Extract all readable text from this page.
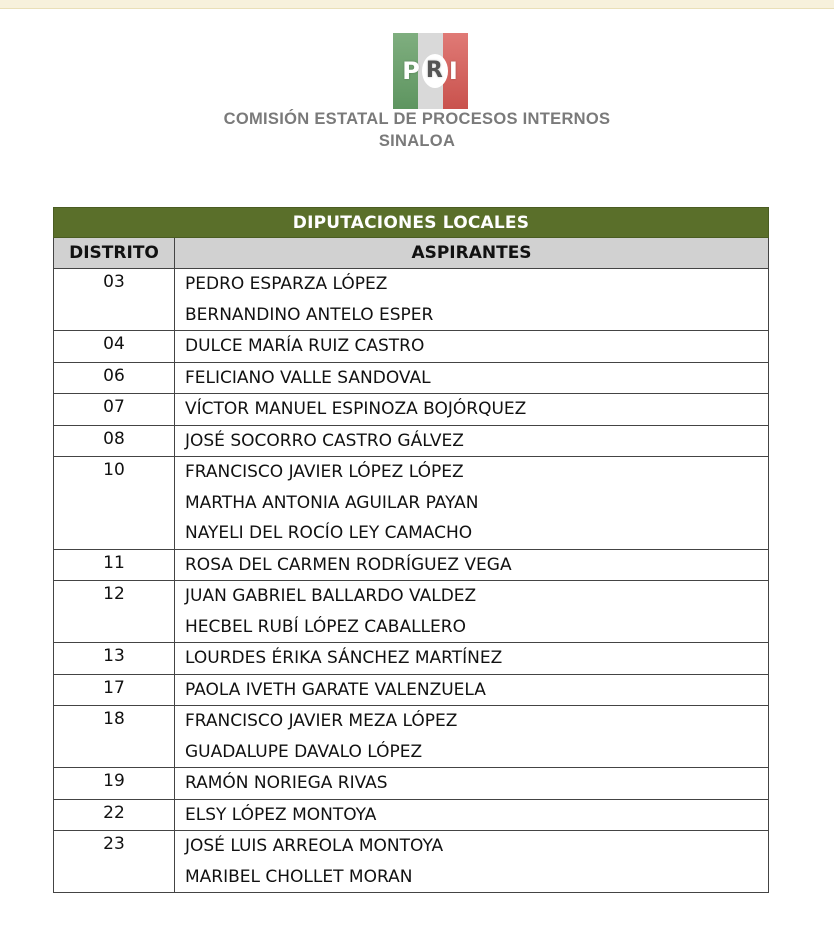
P R I
COMISIÓN ESTATAL DE PROCESOS INTERNOS
SINALOA
DIPUTACIONES LOCALES	
DISTRITO	ASPIRANTES
03	PEDRO ESPARZA LÓPEZ
BERNANDINO ANTELO ESPER

04	DULCE MARÍA RUIZ CASTRO

06	FELICIANO VALLE SANDOVAL

07	VÍCTOR MANUEL ESPINOZA BOJÓRQUEZ

08	JOSÉ SOCORRO CASTRO GÁLVEZ

10	FRANCISCO JAVIER LÓPEZ LÓPEZ
MARTHA ANTONIA AGUILAR PAYAN
NAYELI DEL ROCÍO LEY CAMACHO

11	ROSA DEL CARMEN RODRÍGUEZ VEGA

12	JUAN GABRIEL BALLARDO VALDEZ
HECBEL RUBÍ LÓPEZ CABALLERO

13	LOURDES ÉRIKA SÁNCHEZ MARTÍNEZ

17	PAOLA IVETH GARATE VALENZUELA

18	FRANCISCO JAVIER MEZA LÓPEZ
GUADALUPE DAVALO LÓPEZ

19	RAMÓN NORIEGA RIVAS

22	ELSY LÓPEZ MONTOYA

23	JOSÉ LUIS ARREOLA MONTOYA
MARIBEL CHOLLET MORAN
